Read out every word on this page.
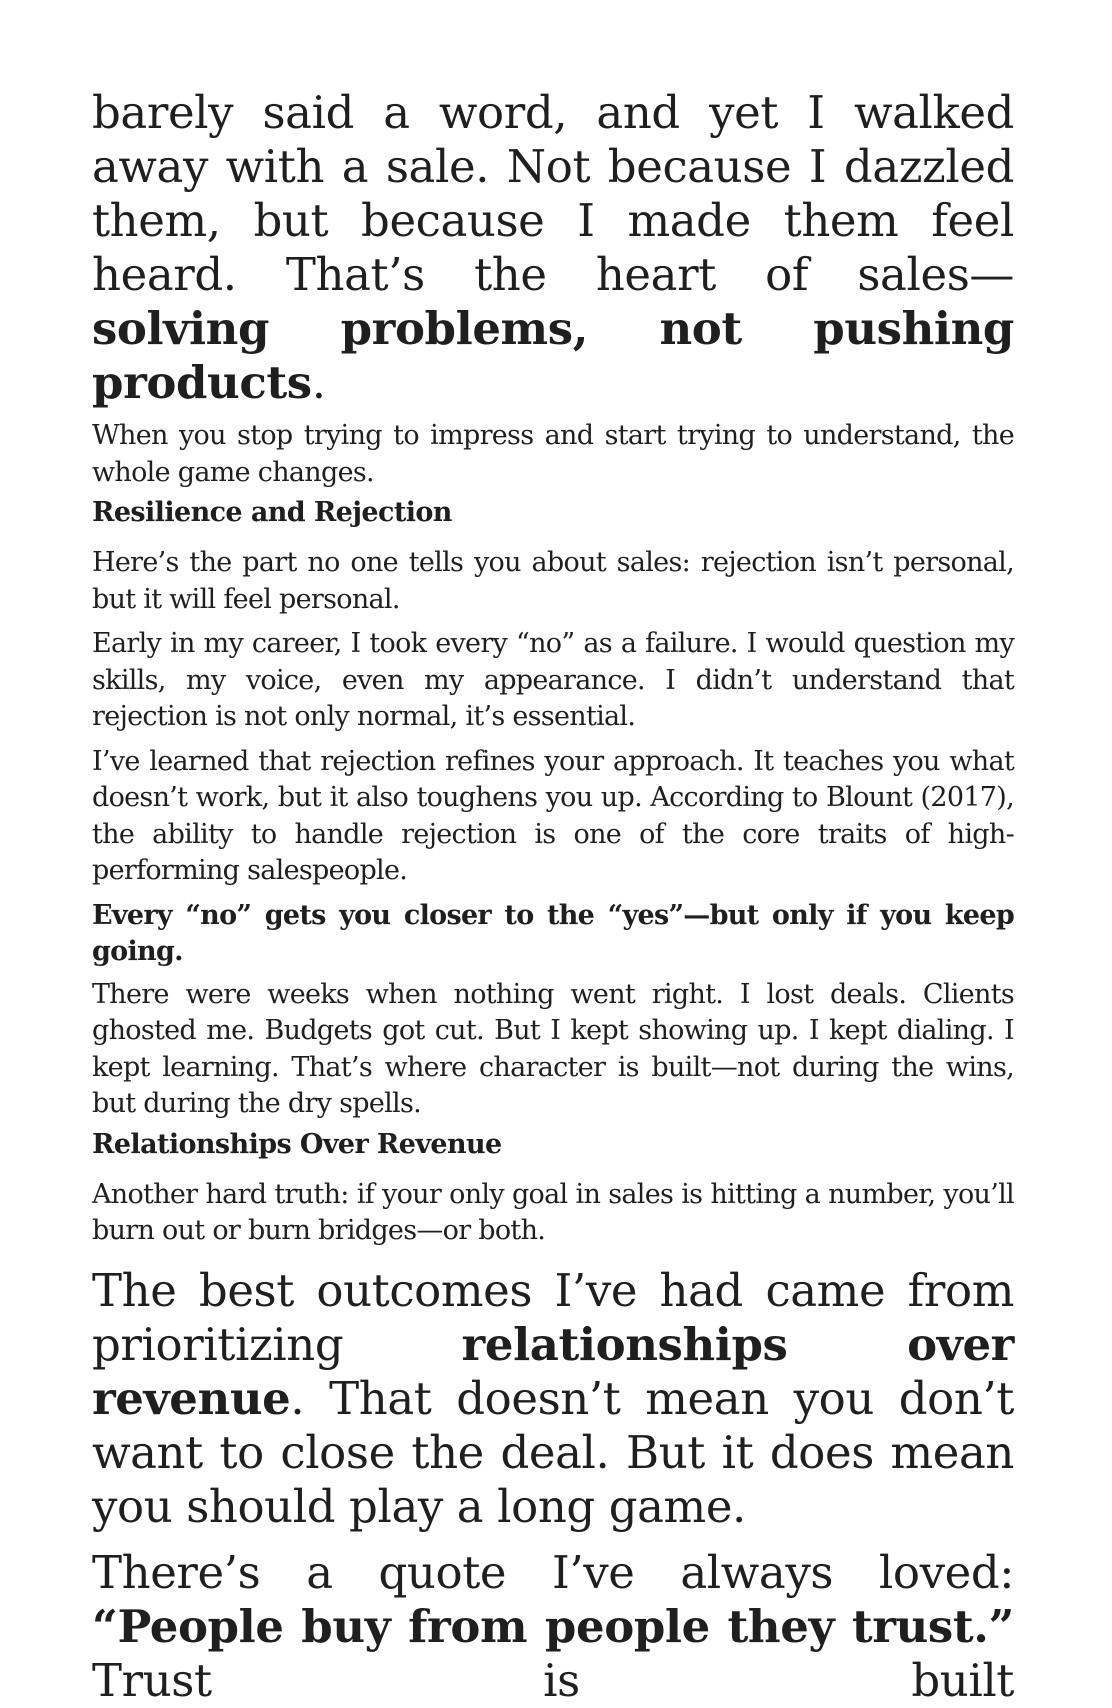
barely said a word, and yet I walked away with a sale. Not because I dazzled them, but because I made them feel heard. That’s the heart of sales—solving problems, not pushing products.

When you stop trying to impress and start trying to understand, the whole game changes.

Resilience and Rejection

Here’s the part no one tells you about sales: rejection isn’t personal, but it will feel personal.

Early in my career, I took every “no” as a failure. I would question my skills, my voice, even my appearance. I didn’t understand that rejection is not only normal, it’s essential.

I’ve learned that rejection refines your approach. It teaches you what doesn’t work, but it also toughens you up. According to Blount (2017), the ability to handle rejection is one of the core traits of high-performing salespeople.

Every “no” gets you closer to the “yes”—but only if you keep going.

There were weeks when nothing went right. I lost deals. Clients ghosted me. Budgets got cut. But I kept showing up. I kept dialing. I kept learning. That’s where character is built—not during the wins, but during the dry spells.

Relationships Over Revenue

Another hard truth: if your only goal in sales is hitting a number, you’ll burn out or burn bridges—or both.

The best outcomes I’ve had came from prioritizing relationships over revenue. That doesn’t mean you don’t want to close the deal. But it does mean you should play a long game.

There’s a quote I’ve always loved: “People buy from people they trust.” Trust is built
